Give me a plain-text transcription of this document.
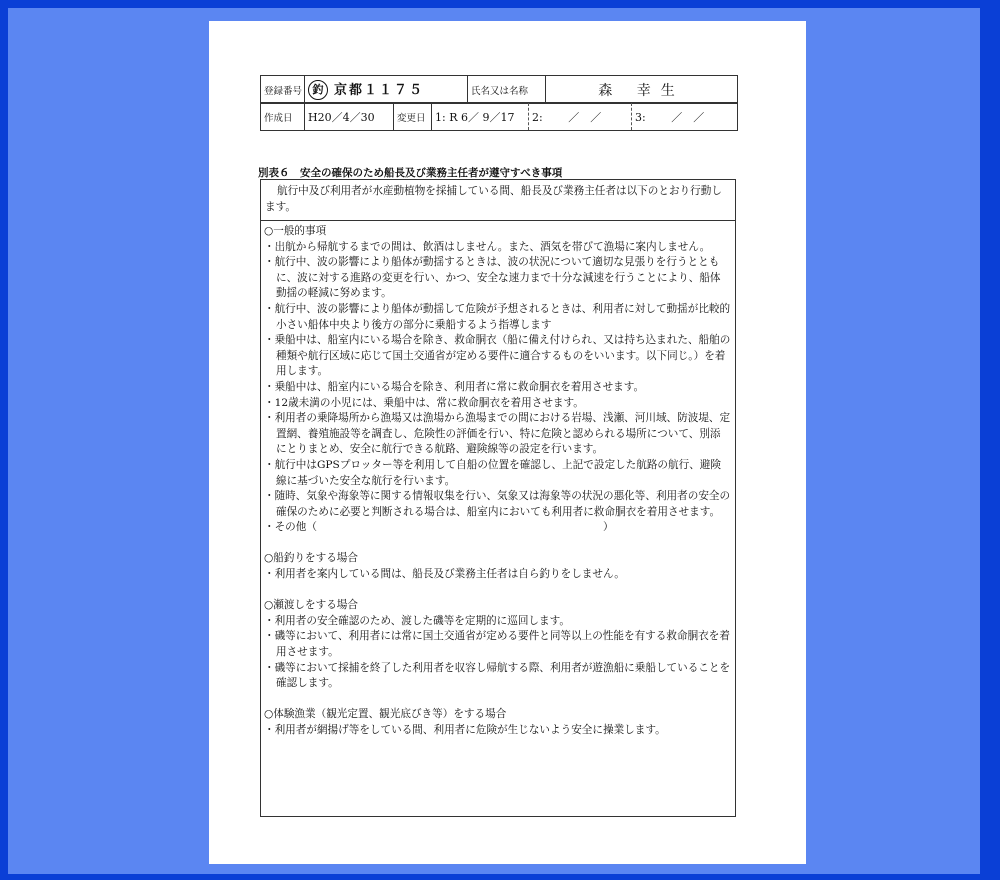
登録番号	釣 京都１１７５	氏名又は名称	森 幸生
作成日	H20／4／30	変更日	1: R 6／ 9／17	2:　　 ／　／	3:　　 ／　／
別表６　安全の確保のため船長及び業務主任者が遵守すべき事項
航行中及び利用者が水産動植物を採捕している間、船長及び業務主任者は以下のとおり行動します。

○一般的事項

・出航から帰航するまでの間は、飲酒はしません。また、酒気を帯びて漁場に案内しません。

・航行中、波の影響により船体が動揺するときは、波の状況について適切な見張りを行うとともに、波に対する進路の変更を行い、かつ、安全な速力まで十分な減速を行うことにより、船体動揺の軽減に努めます。

・航行中、波の影響により船体が動揺して危険が予想されるときは、利用者に対して動揺が比較的小さい船体中央より後方の部分に乗船するよう指導します

・乗船中は、船室内にいる場合を除き、救命胴衣（船に備え付けられ、又は持ち込まれた、船舶の種類や航行区域に応じて国土交通省が定める要件に適合するものをいいます。以下同じ。）を着用します。

・乗船中は、船室内にいる場合を除き、利用者に常に救命胴衣を着用させます。

・12歳未満の小児には、乗船中は、常に救命胴衣を着用させます。

・利用者の乗降場所から漁場又は漁場から漁場までの間における岩場、浅瀬、河川域、防波堤、定置網、養殖施設等を調査し、危険性の評価を行い、特に危険と認められる場所について、別添にとりまとめ、安全に航行できる航路、避険線等の設定を行います。

・航行中はGPSプロッター等を利用して自船の位置を確認し、上記で設定した航路の航行、避険線に基づいた安全な航行を行います。

・随時、気象や海象等に関する情報収集を行い、気象又は海象等の状況の悪化等、利用者の安全の確保のために必要と判断される場合は、船室内においても利用者に救命胴衣を着用させます。

・その他（　　　　　　　　　　　　　　　　　　　　　　　　　　　）

○船釣りをする場合

・利用者を案内している間は、船長及び業務主任者は自ら釣りをしません。

○瀬渡しをする場合

・利用者の安全確認のため、渡した磯等を定期的に巡回します。

・磯等において、利用者には常に国土交通省が定める要件と同等以上の性能を有する救命胴衣を着用させます。

・磯等において採捕を終了した利用者を収容し帰航する際、利用者が遊漁船に乗船していることを確認します。

○体験漁業（観光定置、観光底びき等）をする場合

・利用者が網揚げ等をしている間、利用者に危険が生じないよう安全に操業します。
